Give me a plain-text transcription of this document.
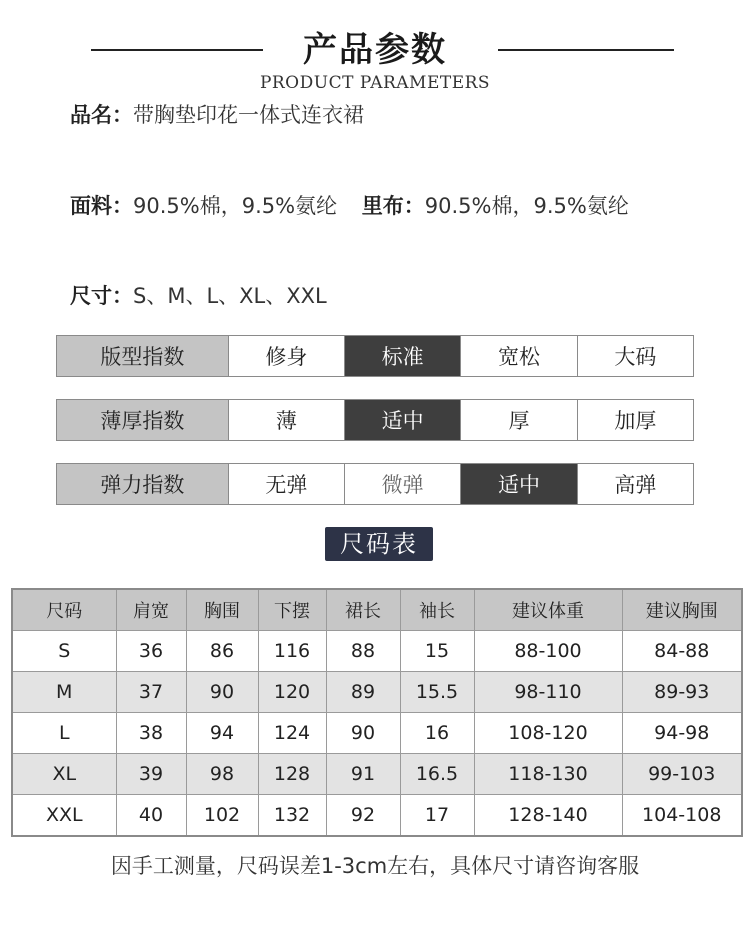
产品参数
PRODUCT PARAMETERS
品名：带胸垫印花一体式连衣裙
面料：90.5%棉，9.5%氨纶 里布：90.5%棉，9.5%氨纶
尺寸：S、M、L、XL、XXL
版型指数	修身	标准	宽松	大码
薄厚指数	薄	适中	厚	加厚
弹力指数	无弹	微弹	适中	高弹
尺码表
尺码	肩宽	胸围	下摆	裙长	袖长	建议体重	建议胸围
S	36	86	116	88	15	88-100	84-88
M	37	90	120	89	15.5	98-110	89-93
L	38	94	124	90	16	108-120	94-98
XL	39	98	128	91	16.5	118-130	99-103
XXL	40	102	132	92	17	128-140	104-108
因手工测量，尺码误差1-3cm左右，具体尺寸请咨询客服
